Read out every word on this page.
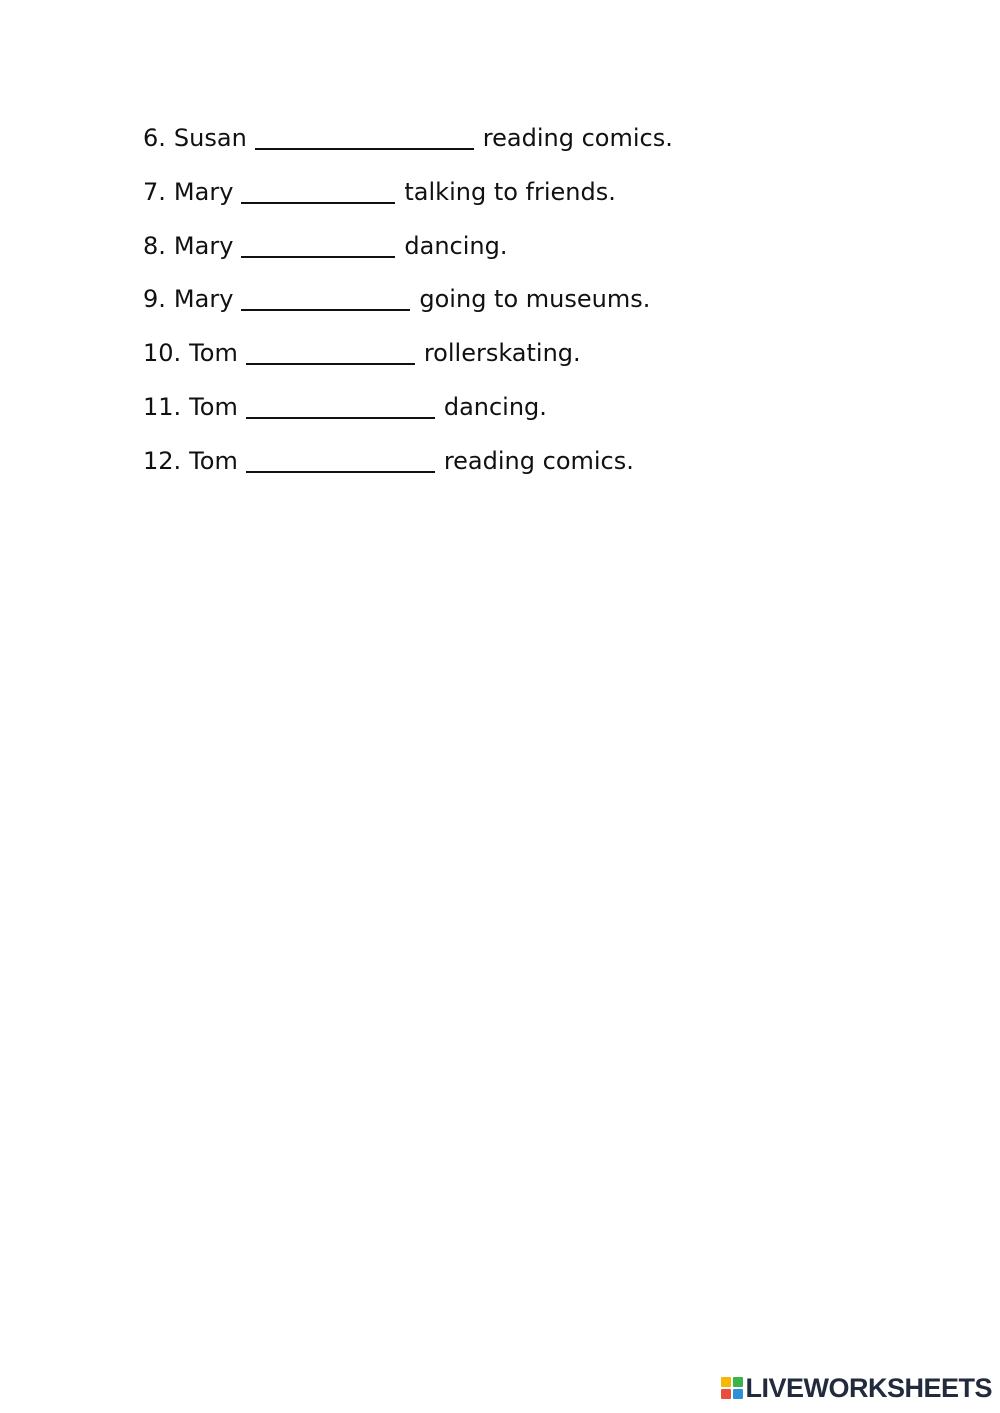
6. Susan	reading comics.
7. Mary	talking to friends.
8. Mary	dancing.
9. Mary	going to museums.
10. Tom	rollerskating.
11. Tom	dancing.
12. Tom	reading comics.
LIVEWORKSHEETS
